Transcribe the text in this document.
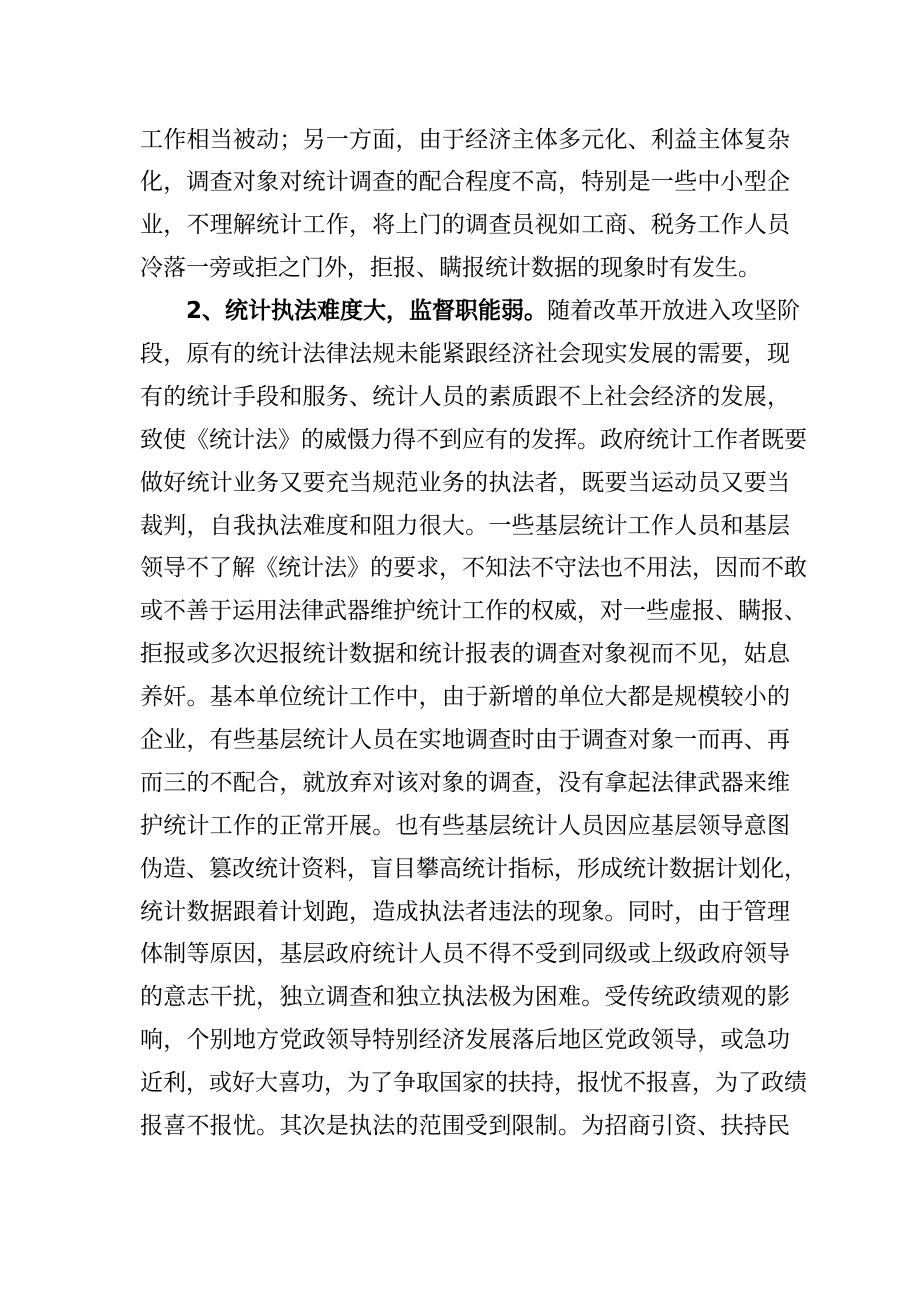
工作相当被动；另一方面，由于经济主体多元化、利益主体复杂
化，调查对象对统计调查的配合程度不高，特别是一些中小型企
业，不理解统计工作，将上门的调查员视如工商、税务工作人员
冷落一旁或拒之门外，拒报、瞒报统计数据的现象时有发生。
2、统计执法难度大，监督职能弱。随着改革开放进入攻坚阶
段，原有的统计法律法规未能紧跟经济社会现实发展的需要，现
有的统计手段和服务、统计人员的素质跟不上社会经济的发展，
致使《统计法》的威慑力得不到应有的发挥。政府统计工作者既要
做好统计业务又要充当规范业务的执法者，既要当运动员又要当
裁判，自我执法难度和阻力很大。一些基层统计工作人员和基层
领导不了解《统计法》的要求，不知法不守法也不用法，因而不敢
或不善于运用法律武器维护统计工作的权威，对一些虚报、瞒报、
拒报或多次迟报统计数据和统计报表的调查对象视而不见，姑息
养奸。基本单位统计工作中，由于新增的单位大都是规模较小的
企业，有些基层统计人员在实地调查时由于调查对象一而再、再
而三的不配合，就放弃对该对象的调查，没有拿起法律武器来维
护统计工作的正常开展。也有些基层统计人员因应基层领导意图
伪造、篡改统计资料，盲目攀高统计指标，形成统计数据计划化，
统计数据跟着计划跑，造成执法者违法的现象。同时，由于管理
体制等原因，基层政府统计人员不得不受到同级或上级政府领导
的意志干扰，独立调查和独立执法极为困难。受传统政绩观的影
响，个别地方党政领导特别经济发展落后地区党政领导，或急功
近利，或好大喜功，为了争取国家的扶持，报忧不报喜，为了政绩
报喜不报忧。其次是执法的范围受到限制。为招商引资、扶持民
